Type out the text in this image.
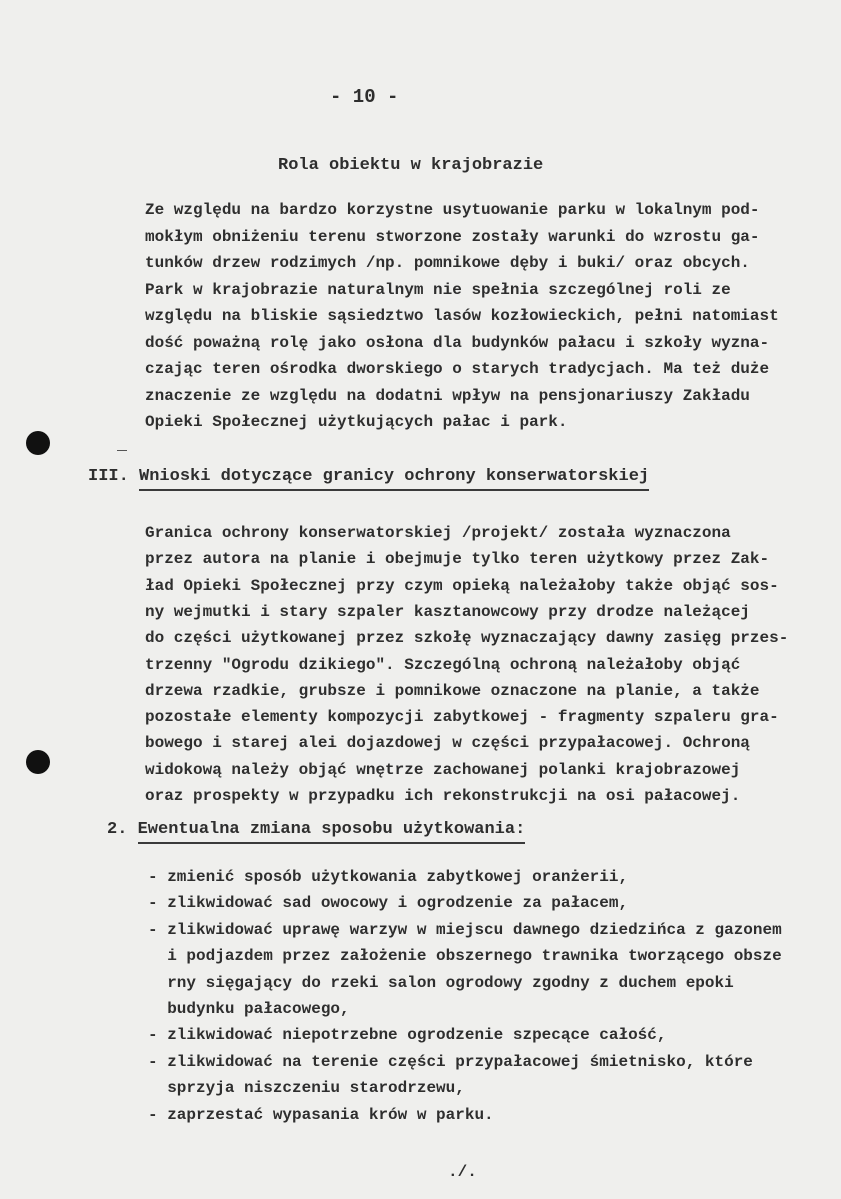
- 10 -
Rola obiektu w krajobrazie
Ze względu na bardzo korzystne usytuowanie parku w lokalnym pod-
mokłym obniżeniu terenu stworzone zostały warunki do wzrostu ga-
tunków drzew rodzimych /np. pomnikowe dęby i buki/ oraz obcych.
Park w krajobrazie naturalnym nie spełnia szczególnej roli ze
względu na bliskie sąsiedztwo lasów kozłowieckich, pełni natomiast
dość poważną rolę jako osłona dla budynków pałacu i szkoły wyzna-
czając teren ośrodka dworskiego o starych tradycjach. Ma też duże
znaczenie ze względu na dodatni wpływ na pensjonariuszy Zakładu
Opieki Społecznej użytkujących pałac i park.
III. Wnioski dotyczące granicy ochrony konserwatorskiej
Granica ochrony konserwatorskiej /projekt/ została wyznaczona
przez autora na planie i obejmuje tylko teren użytkowy przez Zak-
ład Opieki Społecznej przy czym opieką należałoby także objąć sos-
ny wejmutki i stary szpaler kasztanowcowy przy drodze należącej
do części użytkowanej przez szkołę wyznaczający dawny zasięg przes-
trzenny "Ogrodu dzikiego". Szczególną ochroną należałoby objąć
drzewa rzadkie, grubsze i pomnikowe oznaczone na planie, a także
pozostałe elementy kompozycji zabytkowej - fragmenty szpaleru gra-
bowego i starej alei dojazdowej w części przypałacowej. Ochroną
widokową należy objąć wnętrze zachowanej polanki krajobrazowej
oraz prospekty w przypadku ich rekonstrukcji na osi pałacowej.
2. Ewentualna zmiana sposobu użytkowania:
- zmienić sposób użytkowania zabytkowej oranżerii,
- zlikwidować sad owocowy i ogrodzenie za pałacem,
- zlikwidować uprawę warzyw w miejscu dawnego dziedzińca z gazonem
i podjazdem przez założenie obszernego trawnika tworzącego obsze
rny sięgający do rzeki salon ogrodowy zgodny z duchem epoki
budynku pałacowego,
- zlikwidować niepotrzebne ogrodzenie szpecące całość,
- zlikwidować na terenie części przypałacowej śmietnisko, które
sprzyja niszczeniu starodrzewu,
- zaprzestać wypasania krów w parku.
./.
